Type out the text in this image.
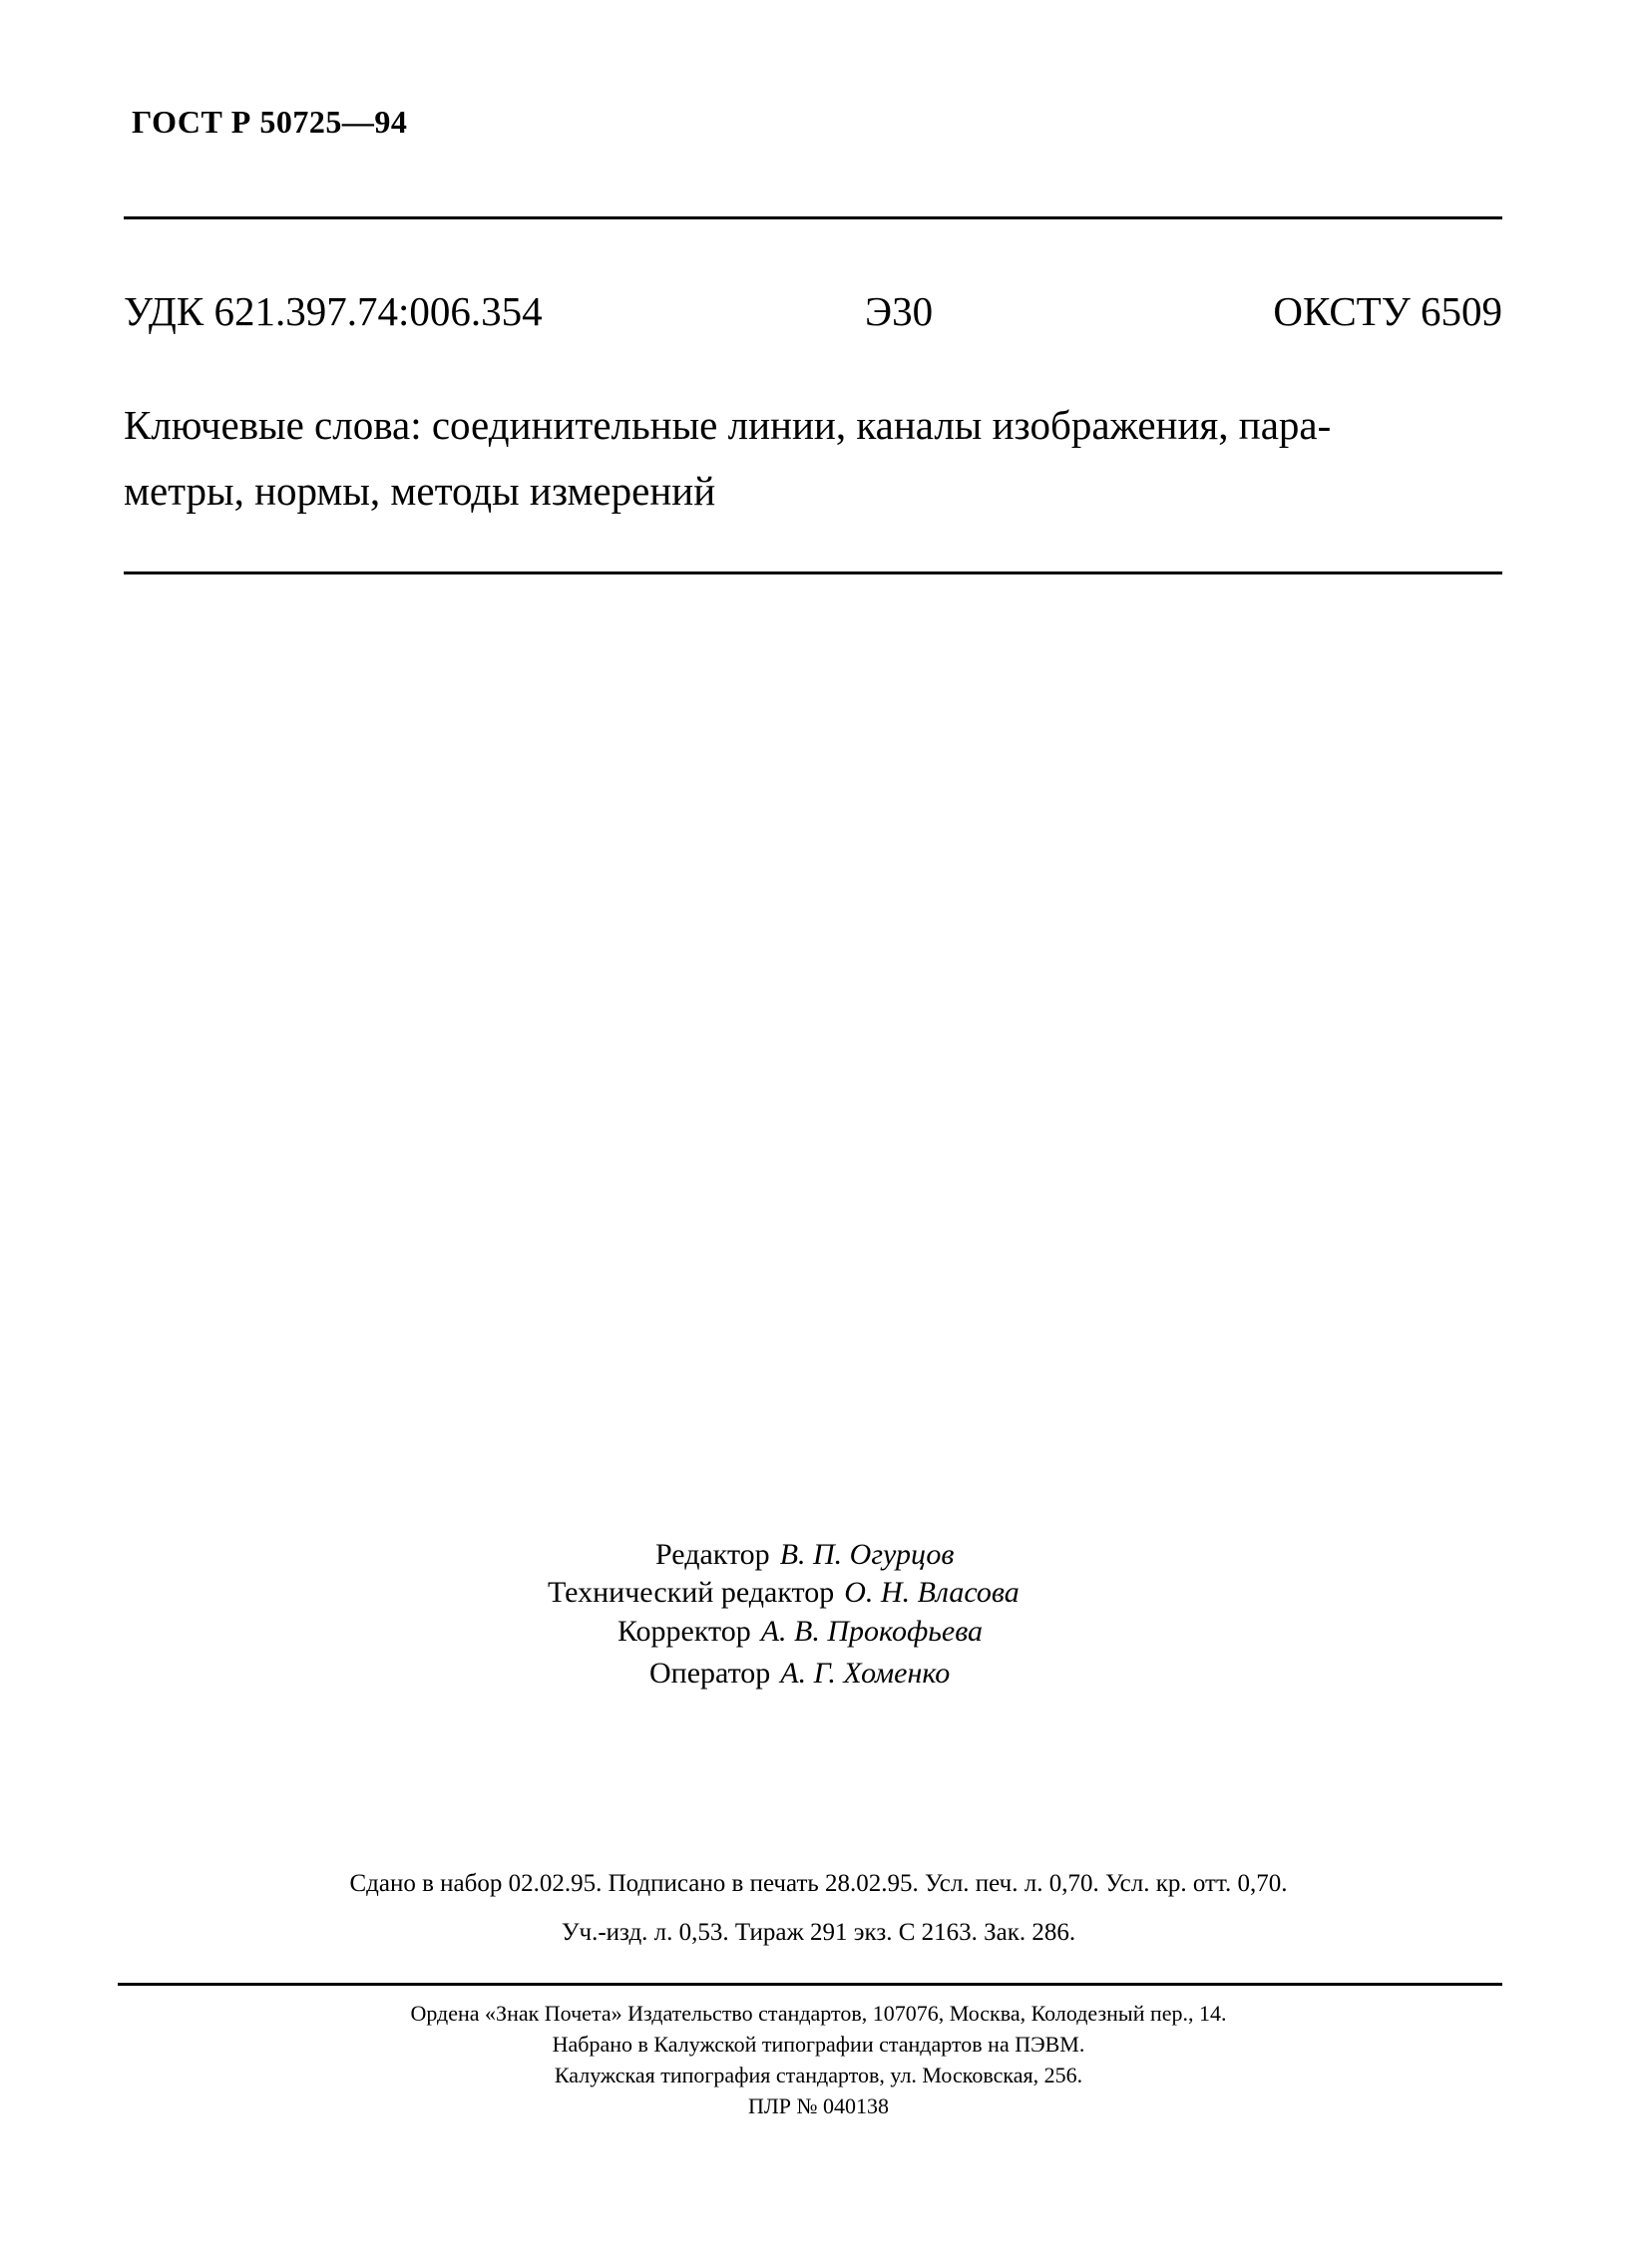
ГОСТ Р 50725—94
УДК 621.397.74:006.354	Э30	ОКСТУ 6509
Ключевые слова: соединительные линии, каналы изображения, пара-
метры, нормы, методы измерений
Редактор В. П. Огурцов
Технический редактор О. Н. Власова
Корректор А. В. Прокофьева
Оператор А. Г. Хоменко
Сдано в набор 02.02.95. Подписано в печать 28.02.95. Усл. печ. л. 0,70. Усл. кр. отт. 0,70.
Уч.-изд. л. 0,53. Тираж 291 экз. С 2163. Зак. 286.
Ордена «Знак Почета» Издательство стандартов, 107076, Москва, Колодезный пер., 14.
Набрано в Калужской типографии стандартов на ПЭВМ.
Калужская типография стандартов, ул. Московская, 256.
ПЛР № 040138
